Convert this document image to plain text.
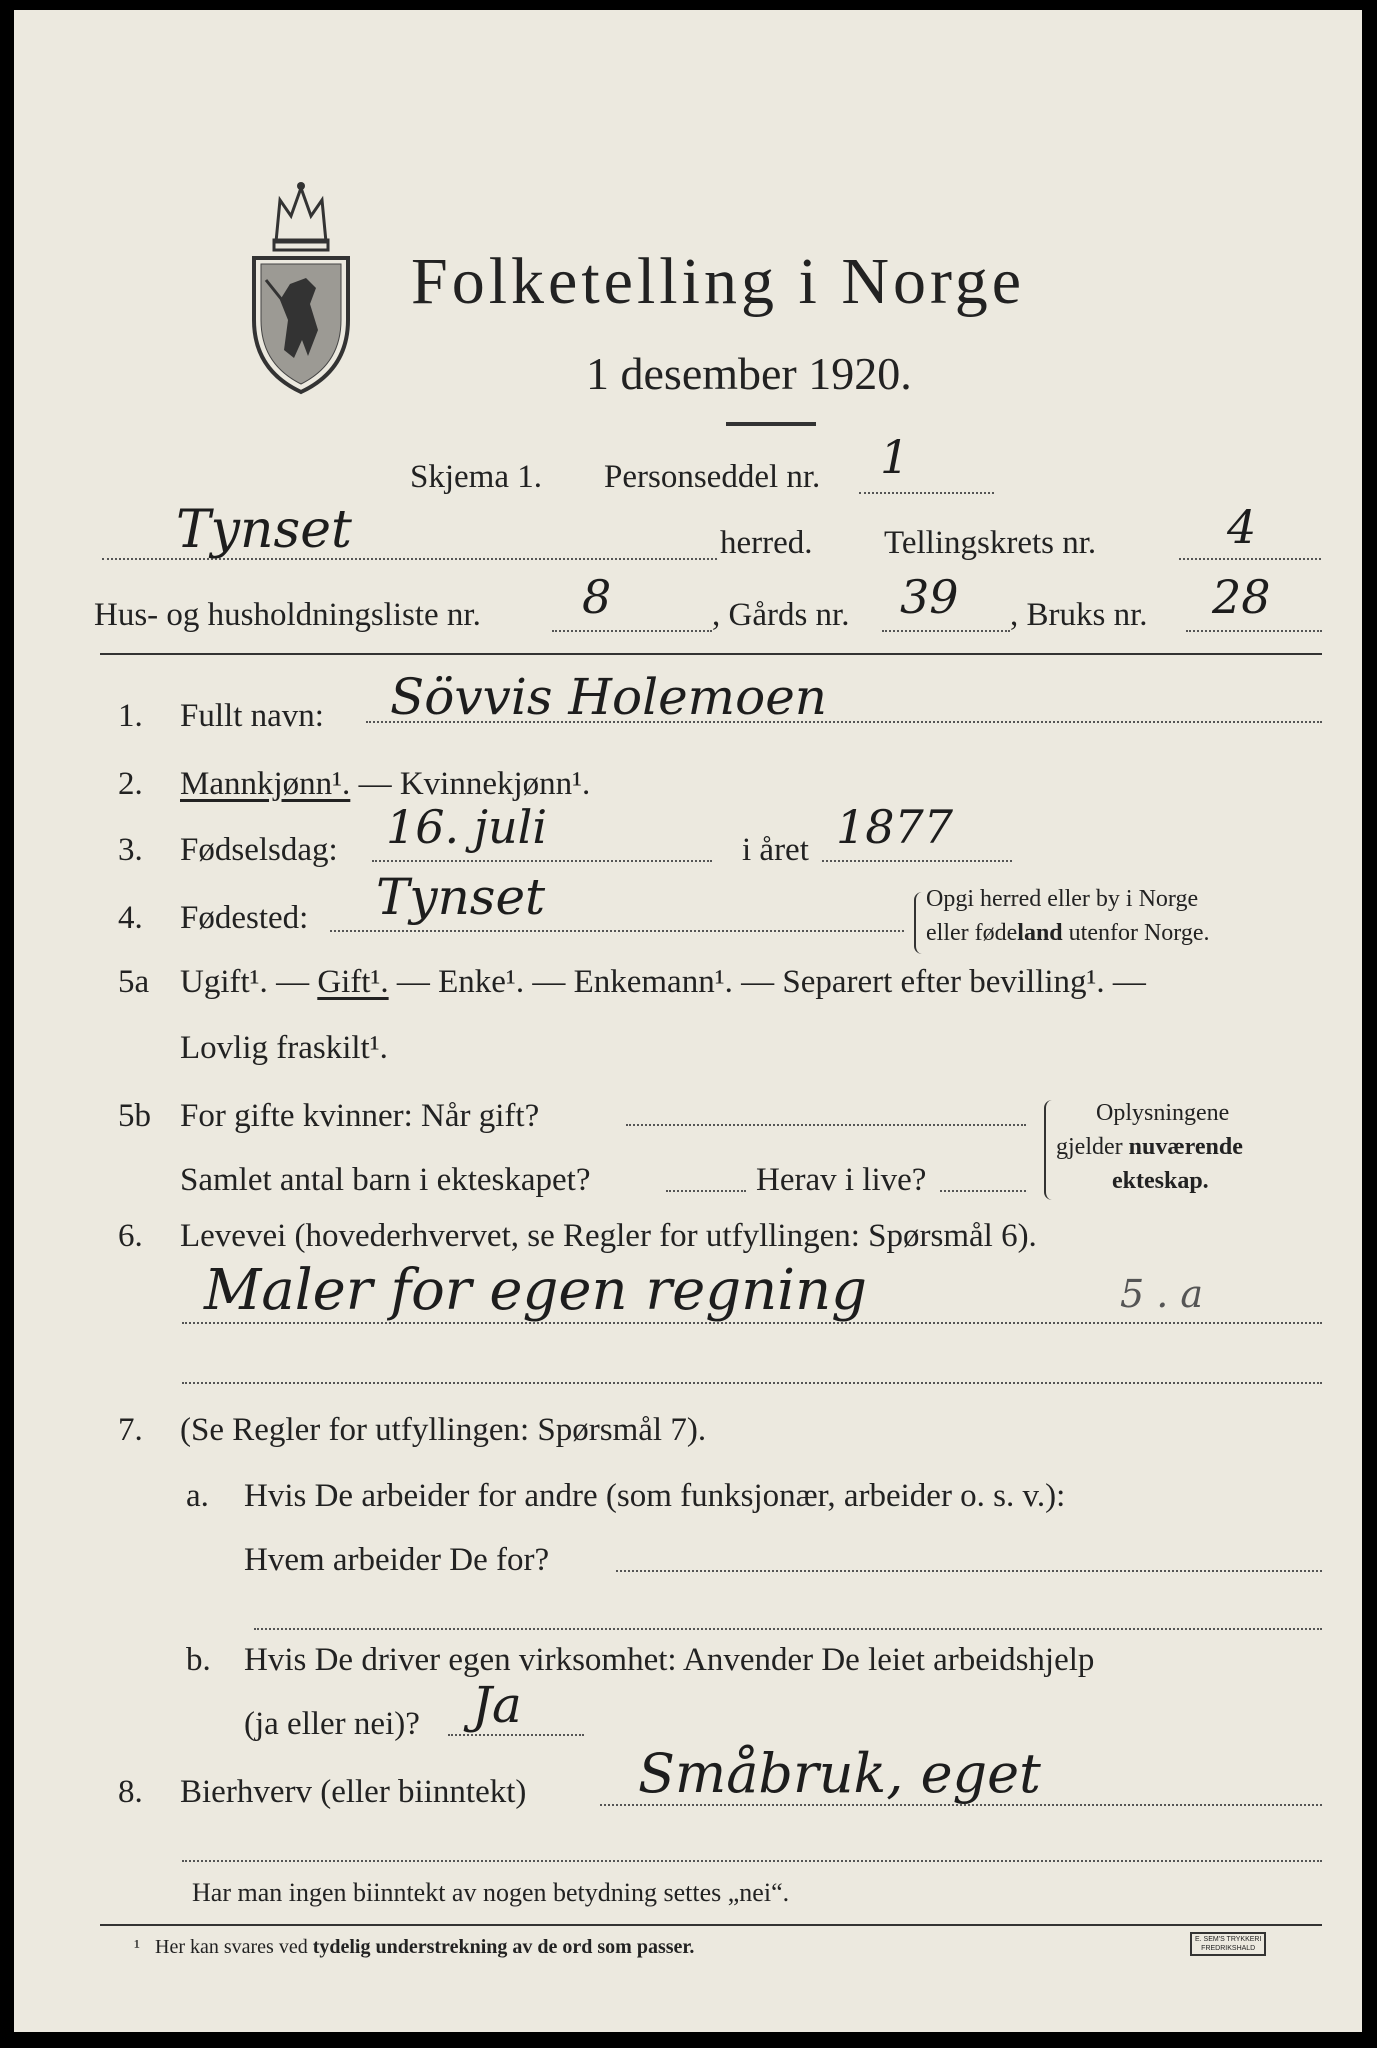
Folketelling i Norge
1 desember 1920.
Skjema 1. Personseddel nr. 1
Tynset	herred. Tellingskrets nr.	4
Hus- og husholdningsliste nr. 8	, Gårds nr. 39 , Bruks nr. 28
1. Fullt navn: Sövvis Holemoen
2. Mannkjønn¹. — Kvinnekjønn¹.
3. Fødselsdag: 16. juli	i året 1877
4. Fødested: Tynset	Opgi herred eller by i Norge
eller fødeland utenfor Norge.
5a Ugift¹. — Gift¹. — Enke¹. — Enkemann¹. — Separert efter bevilling¹. —
Lovlig fraskilt¹.
5b For gifte kvinner: Når gift?
Samlet antal barn i ekteskapet?	Herav i live?
Oplysningene
gjelder nuværende
ekteskap.
6. Levevei (hovederhvervet, se Regler for utfyllingen: Spørsmål 6).
Maler for egen regning	5 . a
7. (Se Regler for utfyllingen: Spørsmål 7).
a. Hvis De arbeider for andre (som funksjonær, arbeider o. s. v.):
Hvem arbeider De for?
b. Hvis De driver egen virksomhet: Anvender De leiet arbeidshjelp
(ja eller nei)? Ja
8. Bierhverv (eller biinntekt) Småbruk, eget
Har man ingen biinntekt av nogen betydning settes „nei“.
¹ Her kan svares ved tydelig understrekning av de ord som passer.	E. SEM'S TRYKKERI
FREDRIKSHALD
